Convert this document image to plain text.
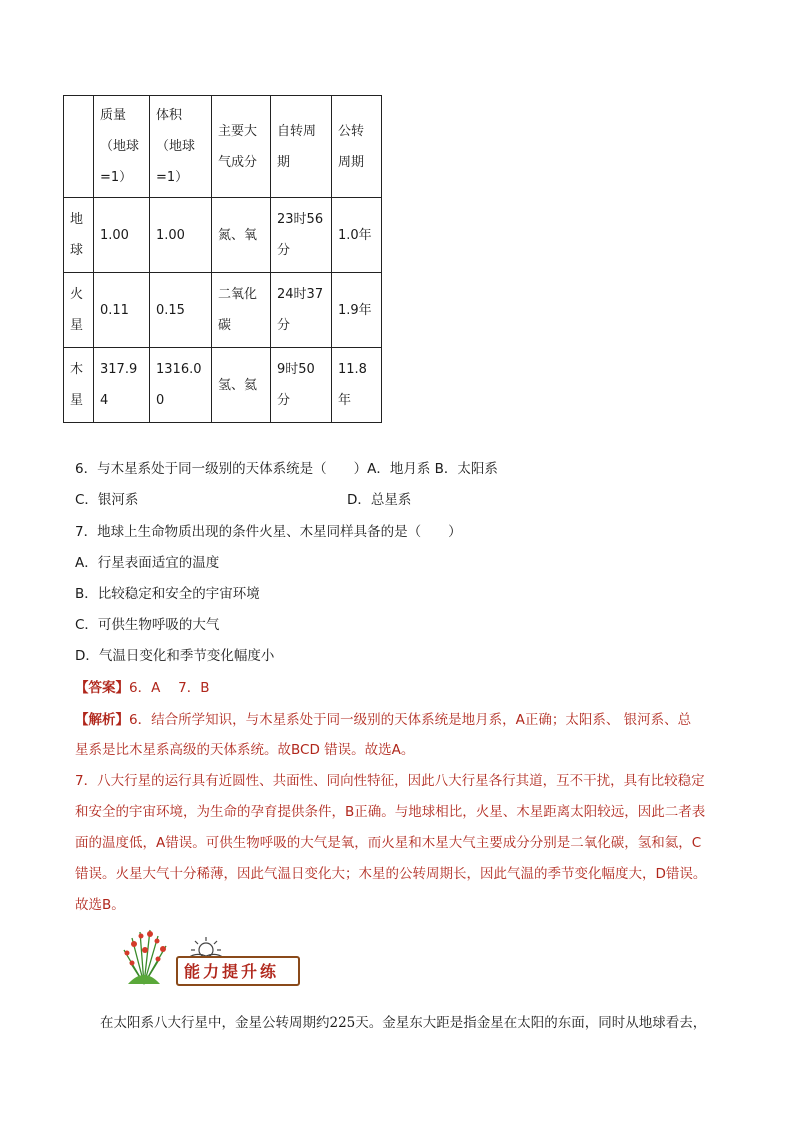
	质量（地球=1）	体积（地球=1）	主要大气成分	自转周期	公转周期
地球	1.00	1.00	氮、氧	23时56分	1.0年
火星	0.11	0.15	二氧化碳	24时37分	1.9年
木星	317.94	1316.00	氢、氦	9时50分	11.8年
6．与木星系处于同一级别的天体系统是（　　）A．地月系 B．太阳系
C．银河系	D．总星系
7．地球上生命物质出现的条件火星、木星同样具备的是（　　）
A．行星表面适宜的温度
B．比较稳定和安全的宇宙环境
C．可供生物呼吸的大气
D．气温日变化和季节变化幅度小
【答案】6．A　 7．B
【解析】6．结合所学知识，与木星系处于同一级别的天体系统是地月系，A正确；太阳系、 银河系、总
星系是比木星系高级的天体系统。故BCD 错误。故选A。
7．八大行星的运行具有近圆性、共面性、同向性特征，因此八大行星各行其道，互不干扰，具有比较稳定
和安全的宇宙环境，为生命的孕育提供条件，B正确。与地球相比，火星、木星距离太阳较远，因此二者表
面的温度低，A错误。可供生物呼吸的大气是氧，而火星和木星大气主要成分分别是二氧化碳，氢和氦，C
错误。火星大气十分稀薄，因此气温日变化大；木星的公转周期长，因此气温的季节变化幅度大，D错误。
故选B。
能力提升练
在太阳系八大行星中，金星公转周期约225天。金星东大距是指金星在太阳的东面，同时从地球看去，
